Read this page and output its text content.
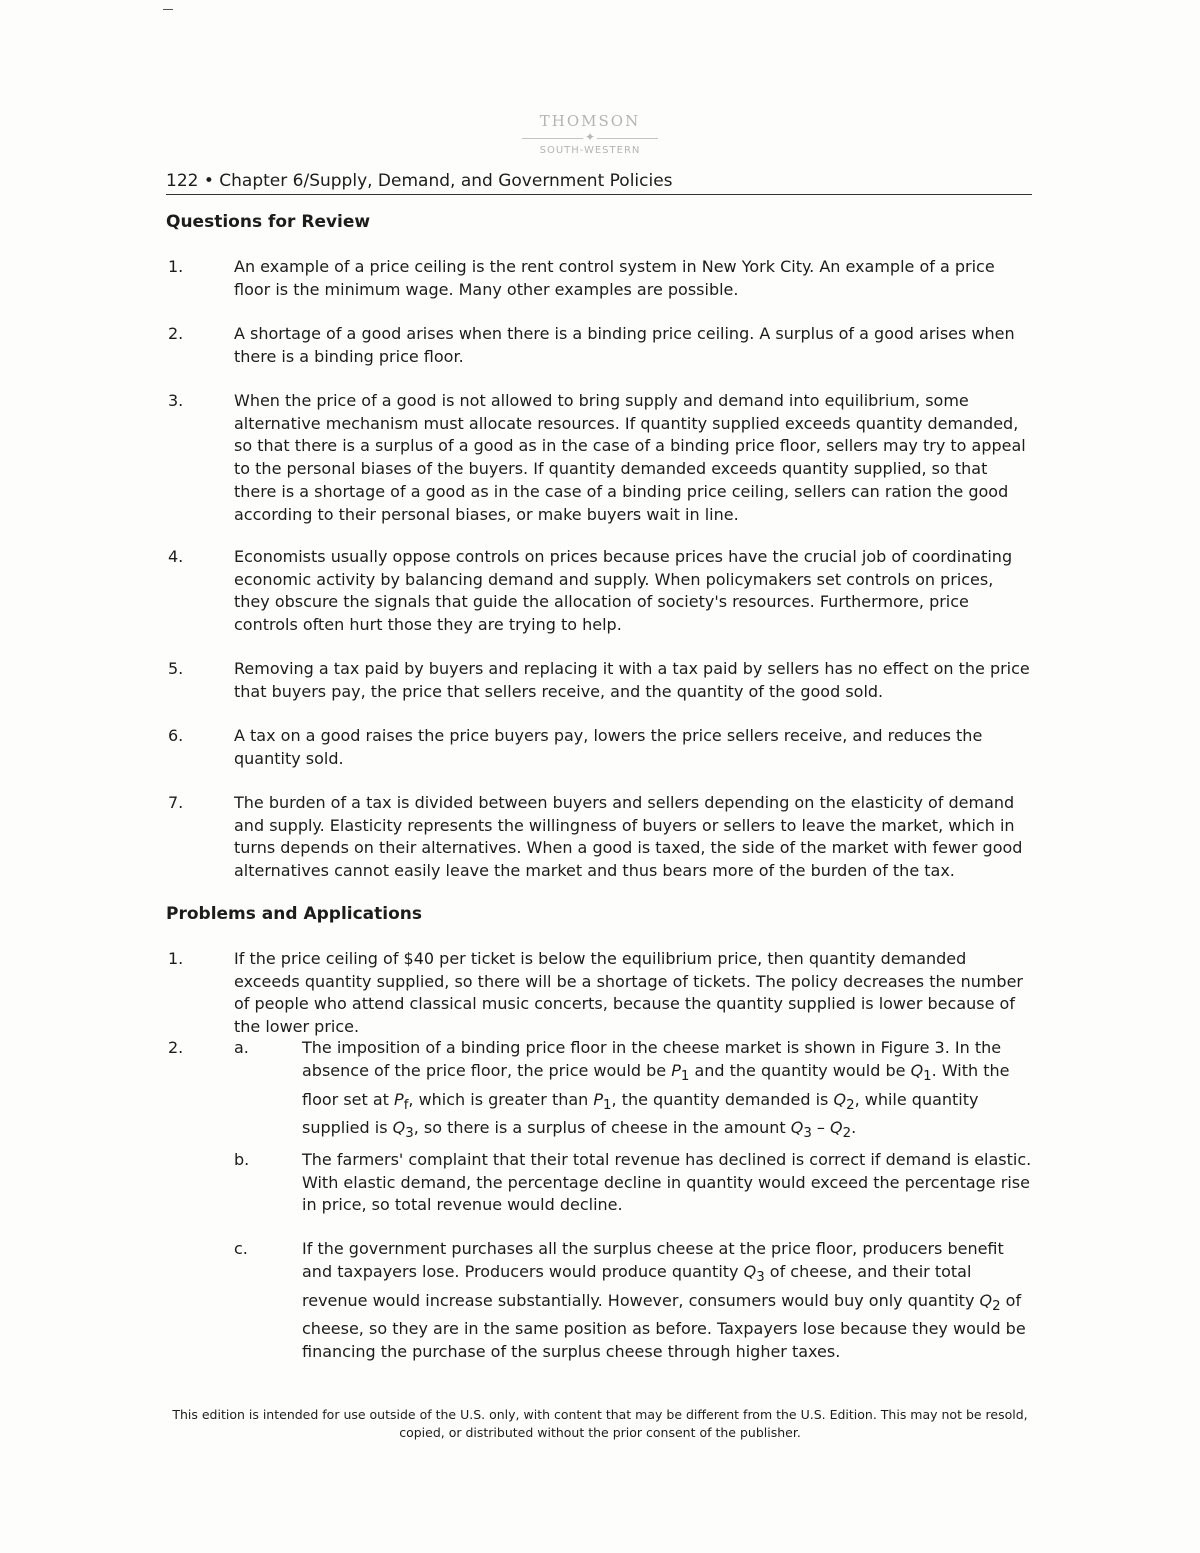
THOMSON
✦
SOUTH-WESTERN
122 • Chapter 6/Supply, Demand, and Government Policies
Questions for Review
1.	An example of a price ceiling is the rent control system in New York City. An example of a price floor is the minimum wage. Many other examples are possible.
2.	A shortage of a good arises when there is a binding price ceiling. A surplus of a good arises when there is a binding price floor.
3.	When the price of a good is not allowed to bring supply and demand into equilibrium, some alternative mechanism must allocate resources. If quantity supplied exceeds quantity demanded, so that there is a surplus of a good as in the case of a binding price floor, sellers may try to appeal to the personal biases of the buyers. If quantity demanded exceeds quantity supplied, so that there is a shortage of a good as in the case of a binding price ceiling, sellers can ration the good according to their personal biases, or make buyers wait in line.
4.	Economists usually oppose controls on prices because prices have the crucial job of coordinating economic activity by balancing demand and supply. When policymakers set controls on prices, they obscure the signals that guide the allocation of society's resources. Furthermore, price controls often hurt those they are trying to help.
5.	Removing a tax paid by buyers and replacing it with a tax paid by sellers has no effect on the price that buyers pay, the price that sellers receive, and the quantity of the good sold.
6.	A tax on a good raises the price buyers pay, lowers the price sellers receive, and reduces the quantity sold.
7.	The burden of a tax is divided between buyers and sellers depending on the elasticity of demand and supply. Elasticity represents the willingness of buyers or sellers to leave the market, which in turns depends on their alternatives. When a good is taxed, the side of the market with fewer good alternatives cannot easily leave the market and thus bears more of the burden of the tax.
Problems and Applications
1.	If the price ceiling of $40 per ticket is below the equilibrium price, then quantity demanded exceeds quantity supplied, so there will be a shortage of tickets. The policy decreases the number of people who attend classical music concerts, because the quantity supplied is lower because of the lower price.
2.	a.	The imposition of a binding price floor in the cheese market is shown in Figure 3. In the absence of the price floor, the price would be $P_1$ and the quantity would be $Q_1$. With the floor set at $P_f$, which is greater than $P_1$, the quantity demanded is $Q_2$, while quantity supplied is $Q_3$, so there is a surplus of cheese in the amount $Q_3 - Q_2$.
b.	The farmers' complaint that their total revenue has declined is correct if demand is elastic. With elastic demand, the percentage decline in quantity would exceed the percentage rise in price, so total revenue would decline.
c.	If the government purchases all the surplus cheese at the price floor, producers benefit and taxpayers lose. Producers would produce quantity $Q_3$ of cheese, and their total revenue would increase substantially. However, consumers would buy only quantity $Q_2$ of cheese, so they are in the same position as before. Taxpayers lose because they would be financing the purchase of the surplus cheese through higher taxes.
This edition is intended for use outside of the U.S. only, with content that may be different from the U.S. Edition. This may not be resold, copied, or distributed without the prior consent of the publisher.
